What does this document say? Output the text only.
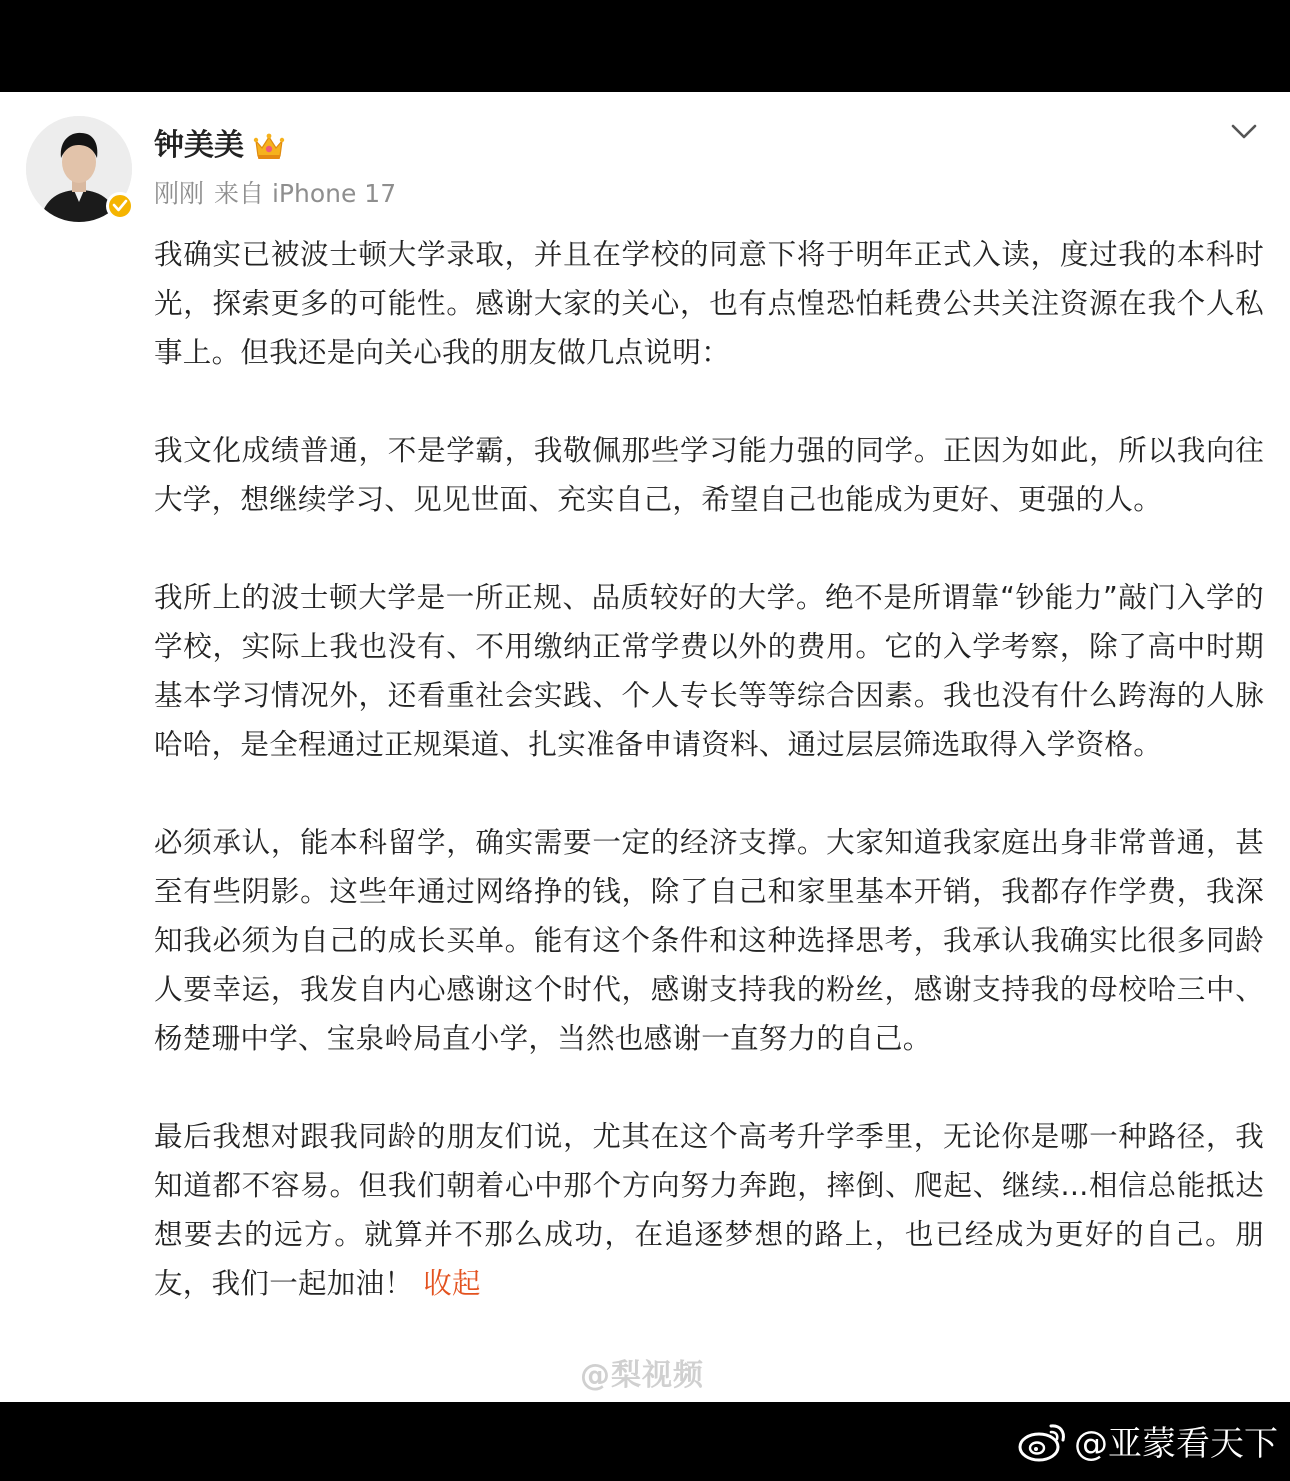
钟美美
刚刚 来自 iPhone 17

我确实已被波士顿大学录取，并且在学校的同意下将于明年正式入读，度过我的本科时光，探索更多的可能性。感谢大家的关心，也有点惶恐怕耗费公共关注资源在我个人私事上。但我还是向关心我的朋友做几点说明：

我文化成绩普通，不是学霸，我敬佩那些学习能力强的同学。正因为如此，所以我向往大学，想继续学习、见见世面、充实自己，希望自己也能成为更好、更强的人。

我所上的波士顿大学是一所正规、品质较好的大学。绝不是所谓靠“钞能力”敲门入学的学校，实际上我也没有、不用缴纳正常学费以外的费用。它的入学考察，除了高中时期基本学习情况外，还看重社会实践、个人专长等等综合因素。我也没有什么跨海的人脉哈哈，是全程通过正规渠道、扎实准备申请资料、通过层层筛选取得入学资格。

必须承认，能本科留学，确实需要一定的经济支撑。大家知道我家庭出身非常普通，甚至有些阴影。这些年通过网络挣的钱，除了自己和家里基本开销，我都存作学费，我深知我必须为自己的成长买单。能有这个条件和这种选择思考，我承认我确实比很多同龄人要幸运，我发自内心感谢这个时代，感谢支持我的粉丝，感谢支持我的母校哈三中、杨楚珊中学、宝泉岭局直小学，当然也感谢一直努力的自己。

最后我想对跟我同龄的朋友们说，尤其在这个高考升学季里，无论你是哪一种路径，我知道都不容易。但我们朝着心中那个方向努力奔跑，摔倒、爬起、继续...相信总能抵达想要去的远方。就算并不那么成功，在追逐梦想的路上，也已经成为更好的自己。朋友，我们一起加油！ 收起

@梨视频
@亚蒙看天下
